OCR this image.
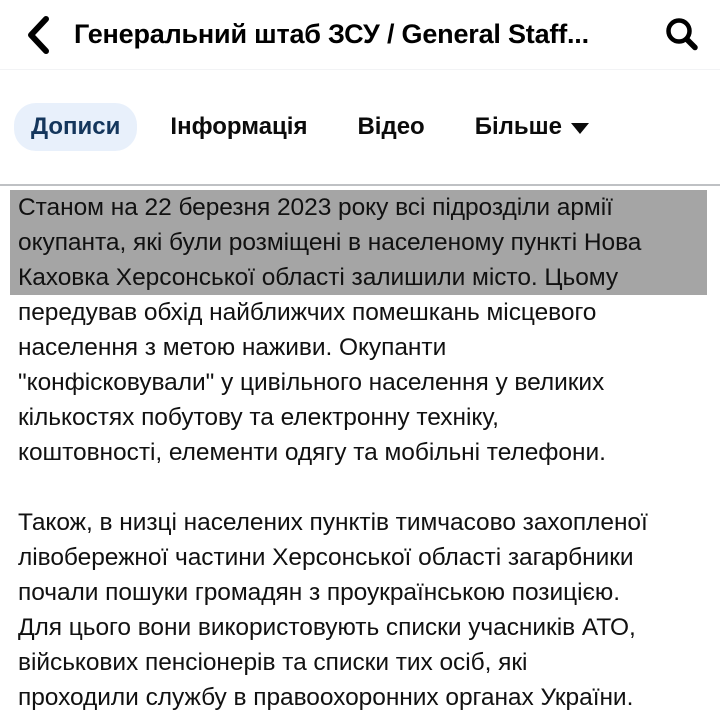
Генеральний штаб ЗСУ / General Staff...
Дописи Інформація Відео Більше
Станом на 22 березня 2023 року всі підрозділи армії
окупанта, які були розміщені в населеному пункті Нова
Каховка Херсонської області залишили місто. Цьому
передував обхід найближчих помешкань місцевого
населення з метою наживи. Окупанти
"конфісковували" у цивільного населення у великих
кількостях побутову та електронну техніку,
коштовності, елементи одягу та мобільні телефони.
Також, в низці населених пунктів тимчасово захопленої
лівобережної частини Херсонської області загарбники
почали пошуки громадян з проукраїнською позицією.
Для цього вони використовують списки учасників АТО,
військових пенсіонерів та списки тих осіб, які
проходили службу в правоохоронних органах України.
